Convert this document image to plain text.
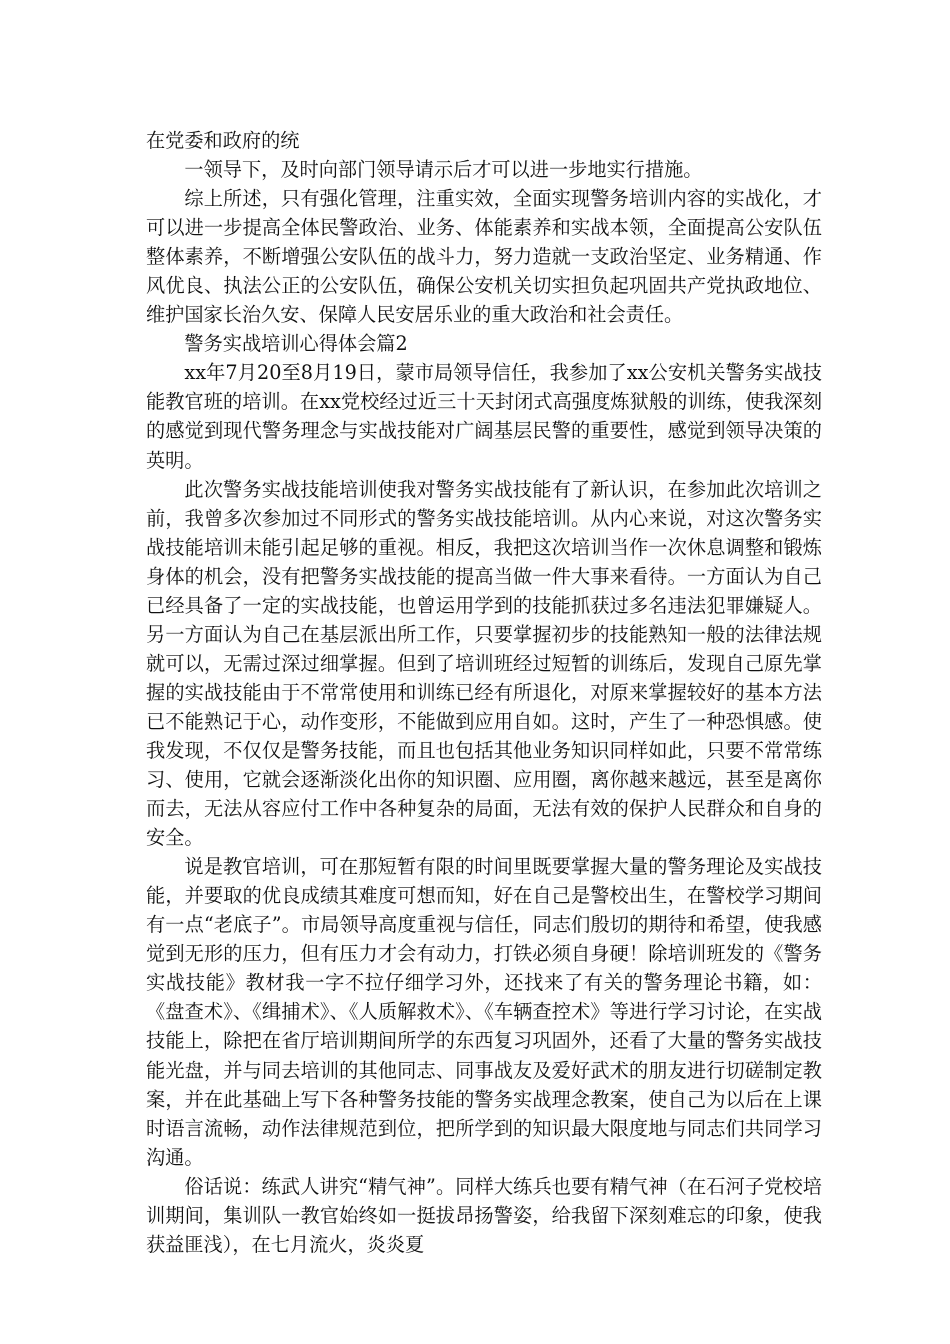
在党委和政府的统

一领导下，及时向部门领导请示后才可以进一步地实行措施。

综上所述，只有强化管理，注重实效，全面实现警务培训内容的实战化，才可以进一步提高全体民警政治、业务、体能素养和实战本领，全面提高公安队伍整体素养，不断增强公安队伍的战斗力，努力造就一支政治坚定、业务精通、作风优良、执法公正的公安队伍，确保公安机关切实担负起巩固共产党执政地位、维护国家长治久安、保障人民安居乐业的重大政治和社会责任。

警务实战培训心得体会篇2

xx年7月20至8月19日，蒙市局领导信任，我参加了xx公安机关警务实战技能教官班的培训。在xx党校经过近三十天封闭式高强度炼狱般的训练，使我深刻的感觉到现代警务理念与实战技能对广阔基层民警的重要性，感觉到领导决策的英明。

此次警务实战技能培训使我对警务实战技能有了新认识，在参加此次培训之前，我曾多次参加过不同形式的警务实战技能培训。从内心来说，对这次警务实战技能培训未能引起足够的重视。相反，我把这次培训当作一次休息调整和锻炼身体的机会，没有把警务实战技能的提高当做一件大事来看待。一方面认为自己已经具备了一定的实战技能，也曾运用学到的技能抓获过多名违法犯罪嫌疑人。另一方面认为自己在基层派出所工作，只要掌握初步的技能熟知一般的法律法规就可以，无需过深过细掌握。但到了培训班经过短暂的训练后，发现自己原先掌握的实战技能由于不常常使用和训练已经有所退化，对原来掌握较好的基本方法已不能熟记于心，动作变形，不能做到应用自如。这时，产生了一种恐惧感。使我发现，不仅仅是警务技能，而且也包括其他业务知识同样如此，只要不常常练习、使用，它就会逐渐淡化出你的知识圈、应用圈，离你越来越远，甚至是离你而去，无法从容应付工作中各种复杂的局面，无法有效的保护人民群众和自身的安全。

说是教官培训，可在那短暂有限的时间里既要掌握大量的警务理论及实战技能，并要取的优良成绩其难度可想而知，好在自己是警校出生，在警校学习期间有一点“老底子”。市局领导高度重视与信任，同志们殷切的期待和希望，使我感觉到无形的压力，但有压力才会有动力，打铁必须自身硬！除培训班发的《警务实战技能》教材我一字不拉仔细学习外，还找来了有关的警务理论书籍，如：《盘查术》、《缉捕术》、《人质解救术》、《车辆查控术》等进行学习讨论，在实战技能上，除把在省厅培训期间所学的东西复习巩固外，还看了大量的警务实战技能光盘，并与同去培训的其他同志、同事战友及爱好武术的朋友进行切磋制定教案，并在此基础上写下各种警务技能的警务实战理念教案，使自己为以后在上课时语言流畅，动作法律规范到位，把所学到的知识最大限度地与同志们共同学习沟通。

俗话说：练武人讲究“精气神”。同样大练兵也要有精气神（在石河子党校培训期间，集训队一教官始终如一挺拔昂扬警姿，给我留下深刻难忘的印象，使我获益匪浅），在七月流火，炎炎夏
